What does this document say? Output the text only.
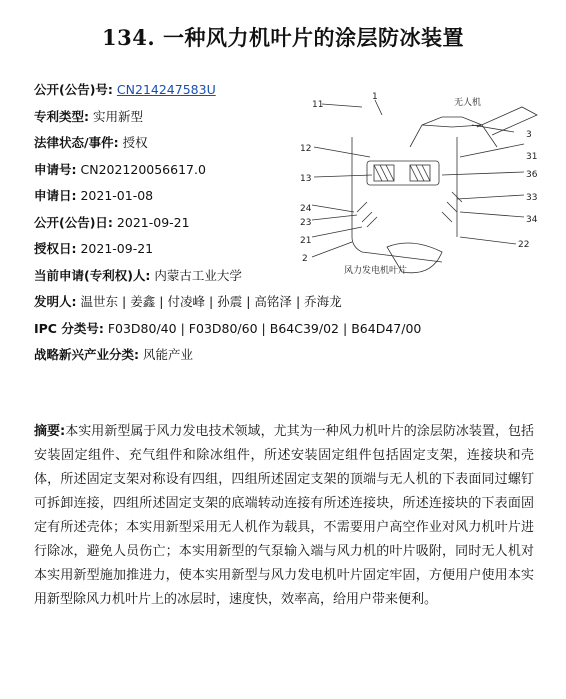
134. 一种风力机叶片的涂层防冰装置
公开(公告)号: CN214247583U
专利类型: 实用新型
法律状态/事件: 授权
申请号: CN202120056617.0
申请日: 2021-01-08
公开(公告)日: 2021-09-21
授权日: 2021-09-21
当前申请(专利权)人: 内蒙古工业大学
发明人: 温世东 | 姜鑫 | 付凌峰 | 孙震 | 高铭泽 | 乔海龙
IPC 分类号: F03D80/40 | F03D80/60 | B64C39/02 | B64D47/00
战略新兴产业分类: 风能产业
11
1
无人机
3
12
31
13	36
24
33
23	34
21	22
2
风力发电机叶片
摘要:本实用新型属于风力发电技术领域，尤其为一种风力机叶片的涂层防冰装置，包括安装固定组件、充气组件和除冰组件，所述安装固定组件包括固定支架，连接块和壳体，所述固定支架对称设有四组，四组所述固定支架的顶端与无人机的下表面同过螺钉可拆卸连接，四组所述固定支架的底端转动连接有所述连接块，所述连接块的下表面固定有所述壳体；本实用新型采用无人机作为载具，不需要用户高空作业对风力机叶片进行除冰，避免人员伤亡；本实用新型的气泵输入端与风力机的叶片吸附，同时无人机对本实用新型施加推进力，使本实用新型与风力发电机叶片固定牢固，方便用户使用本实用新型除风力机叶片上的冰层时，速度快，效率高，给用户带来便利。
